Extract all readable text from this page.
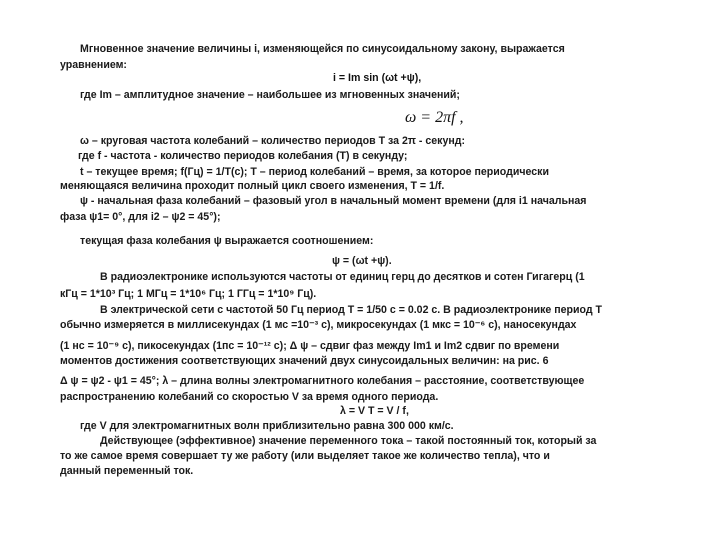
Мгновенное значение величины i, изменяющейся по синусоидальному закону, выражается
уравнением:
i = Im sin (ωt +ψ),
где Im – амплитудное значение – наибольшее из мгновенных значений;
ω = 2πf ,
ω – круговая частота колебаний – количество периодов T за 2π - секунд:
где f - частота - количество периодов колебания (T) в секунду;
t – текущее время; f(Гц) = 1/T(c); T – период колебаний – время, за которое периодически
меняющаяся величина проходит полный цикл своего изменения, T = 1/f.
ψ - начальная фаза колебаний – фазовый угол в начальный момент времени (для i1 начальная
фаза ψ1= 0°, для i2 – ψ2 = 45°);
текущая фаза колебания ψ выражается соотношением:
ψ = (ωt +ψ).
В радиоэлектронике используются частоты от единиц герц до десятков и сотен Гигагерц (1
кГц = 1*10³ Гц; 1 МГц = 1*10⁶ Гц; 1 ГГц = 1*10⁹ Гц).
В электрической сети с частотой 50 Гц период T = 1/50 с = 0.02 с. В радиоэлектронике период T
обычно измеряется в миллисекундах (1 мс =10⁻³ с), микросекундах (1 мкс = 10⁻⁶ с), наносекундах
(1 нс = 10⁻⁹ с), пикосекундах (1пс = 10⁻¹² с); Δ ψ – сдвиг фаз между Im1 и Im2 сдвиг по времени
моментов достижения соответствующих значений двух синусоидальных величин: на рис. 6
Δ ψ = ψ2 - ψ1 = 45°; λ – длина волны электромагнитного колебания – расстояние, соответствующее
распространению колебаний со скоростью V за время одного периода.
λ = V T = V / f,
где V для электромагнитных волн приблизительно равна 300 000 км/с.
Действующее (эффективное) значение переменного тока – такой постоянный ток, который за
то же самое время совершает ту же работу (или выделяет такое же количество тепла), что и
данный переменный ток.
